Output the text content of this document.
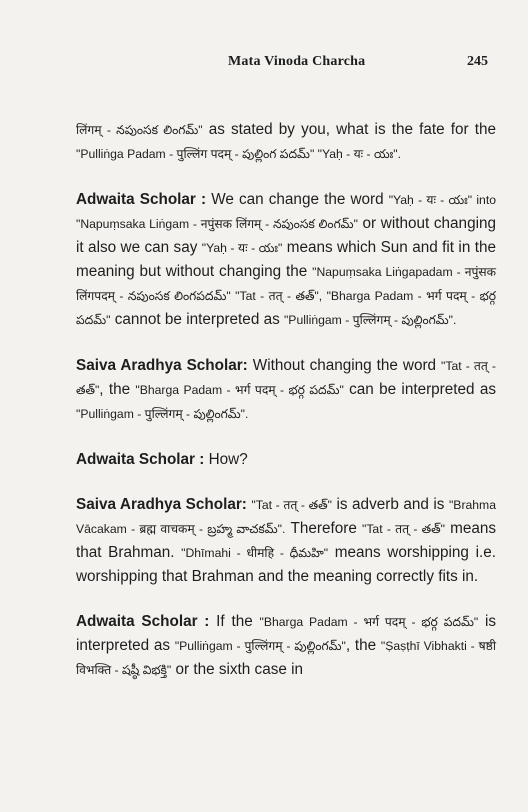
Mata Vinoda Charcha	245

लिंगम् - నపుంసక లింగమ్" as stated by you, what is the fate for the "Pulliṅga Padam - पुल्लिंग पदम् - పుల్లింగ పదమ్" "Yaḥ - यः - యః".

Adwaita Scholar : We can change the word "Yaḥ - यः - యః" into "Napuṃsaka Liṅgam - नपुंसक लिंगम् - నపుంసక లింగమ్" or without changing it also we can say "Yaḥ - यः - యః" means which Sun and fit in the meaning but without changing the "Napuṃsaka Liṅgapadam - नपुंसक लिंगपदम् - నపుంసక లింగపదమ్" "Tat - तत् - తత్", "Bharga Padam - भर्ग पदम् - భర్గ పదమ్" cannot be interpreted as "Pulliṅgam - पुल्लिंगम् - పుల్లింగమ్".

Saiva Aradhya Scholar: Without changing the word "Tat - तत् - తత్", the "Bharga Padam - भर्ग पदम् - భర్గ పదమ్" can be interpreted as "Pulliṅgam - पुल्लिंगम् - పుల్లింగమ్".

Adwaita Scholar : How?

Saiva Aradhya Scholar: "Tat - तत् - తత్" is adverb and is "Brahma Vācakam - ब्रह्म वाचकम् - బ్రహ్మ వాచకమ్". Therefore "Tat - तत् - తత్" means that Brahman. "Dhīmahi - धीमहि - ధీమహి" means worshipping i.e. worshipping that Brahman and the meaning correctly fits in.

Adwaita Scholar : If the "Bharga Padam - भर्ग पदम् - భర్గ పదమ్" is interpreted as "Pulliṅgam - पुल्लिंगम् - పుల్లింగమ్", the "Ṣaṣṭhī Vibhakti - षष्ठी विभक्ति - షష్ఠీ విభక్తి" or the sixth case in
